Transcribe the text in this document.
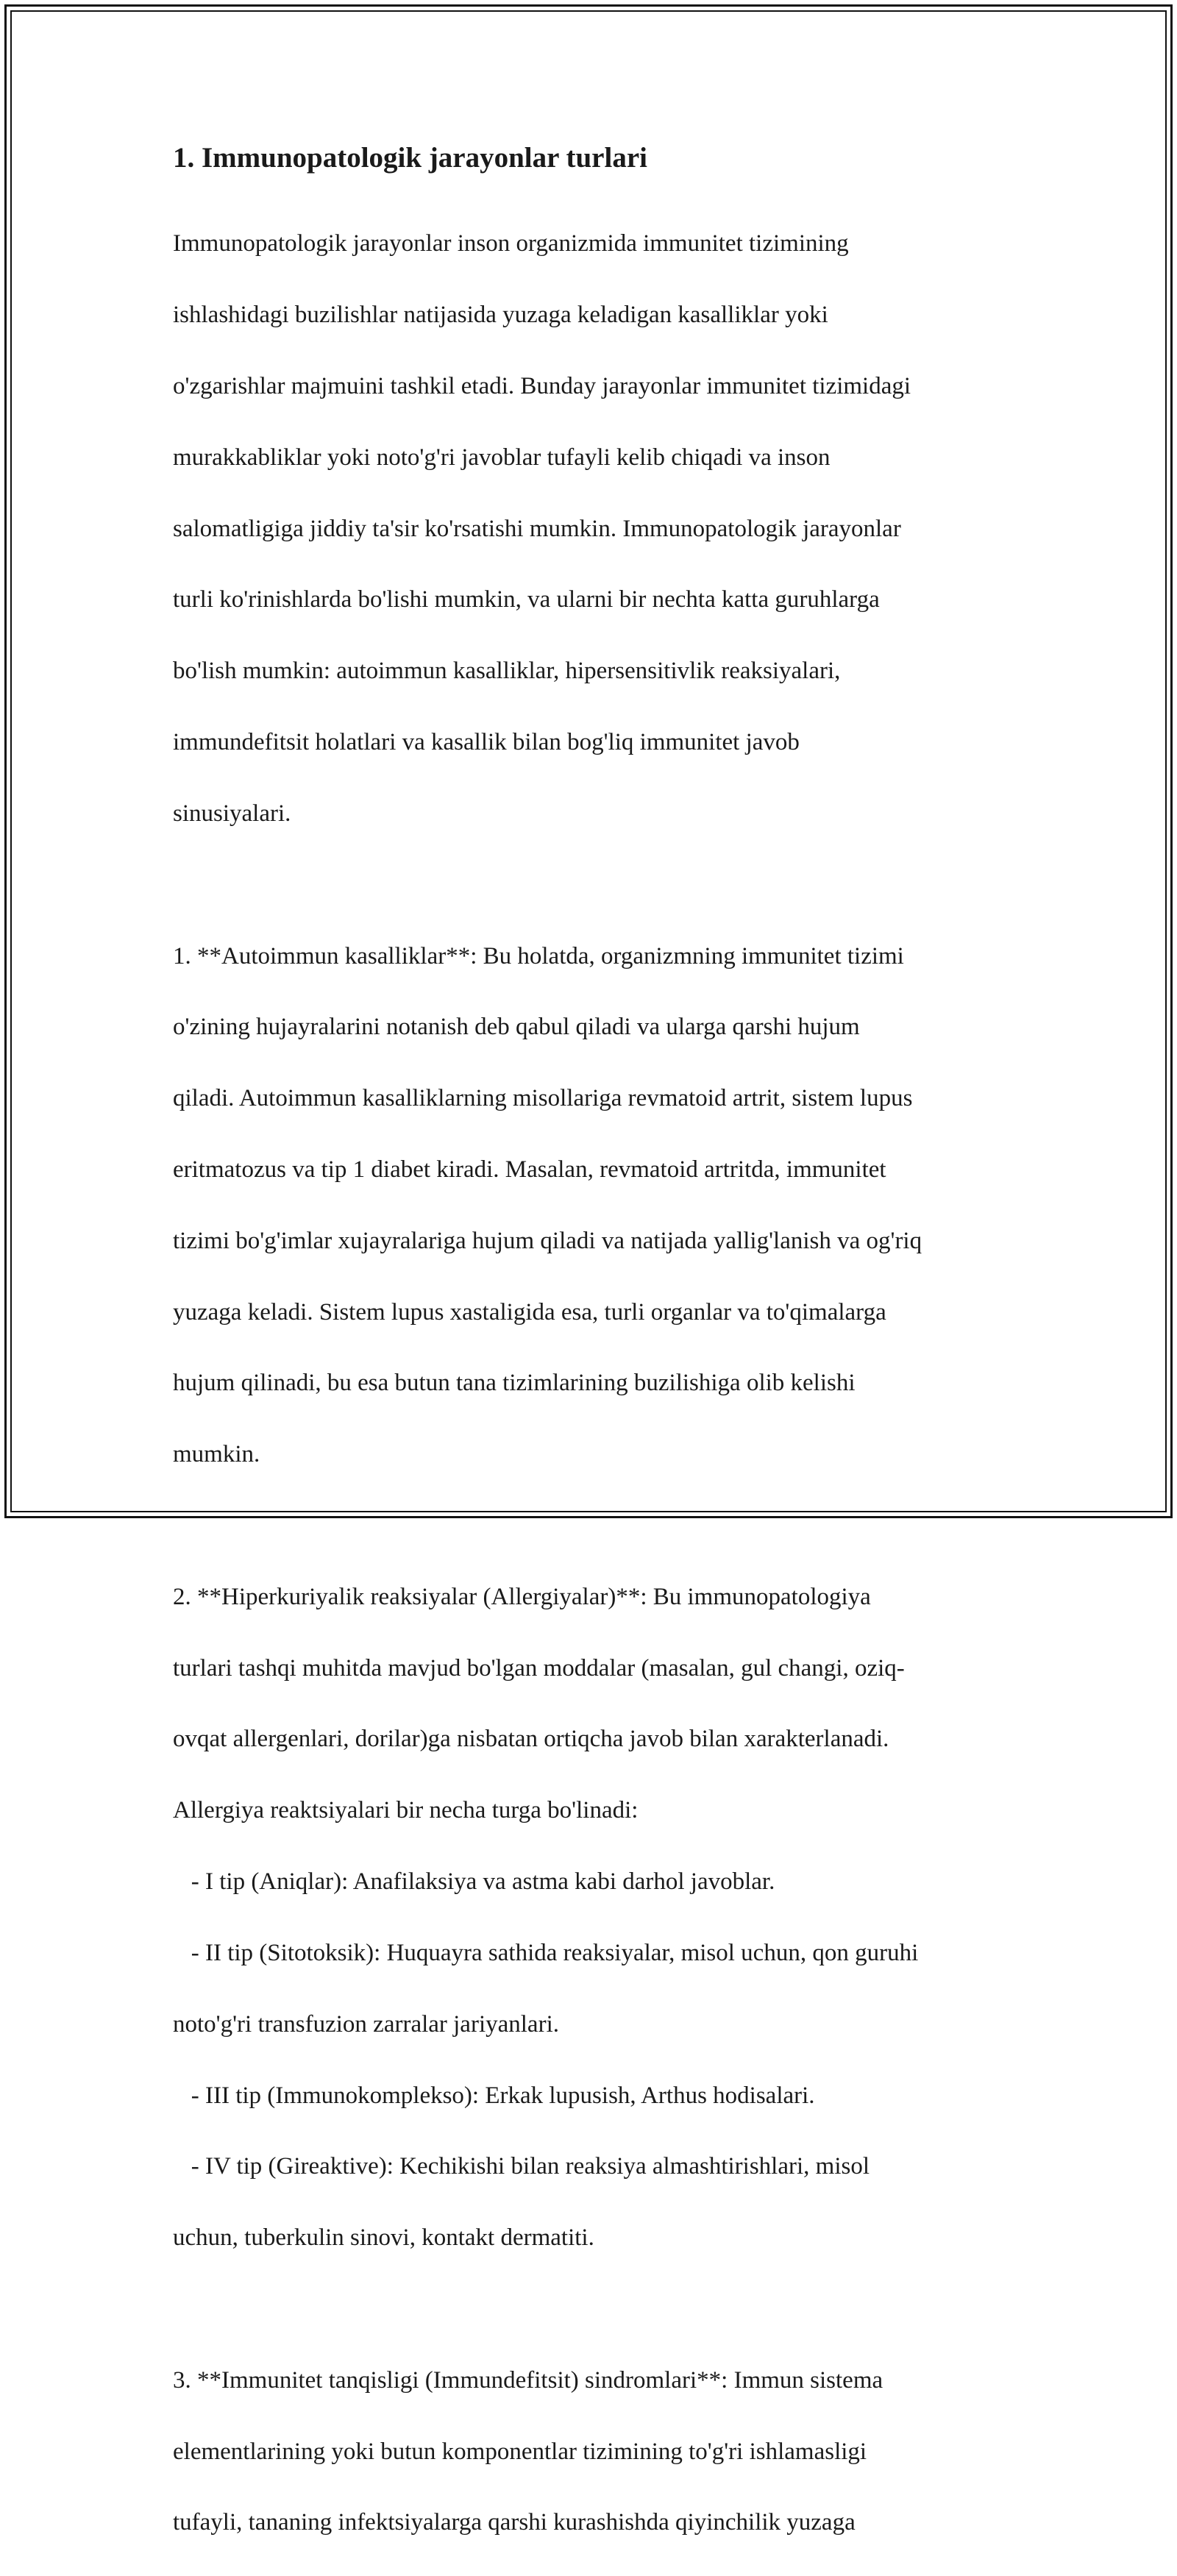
1. Immunopatologik jarayonlar turlari

Immunopatologik jarayonlar inson organizmida immunitet tizimining

ishlashidagi buzilishlar natijasida yuzaga keladigan kasalliklar yoki

o'zgarishlar majmuini tashkil etadi. Bunday jarayonlar immunitet tizimidagi

murakkabliklar yoki noto'g'ri javoblar tufayli kelib chiqadi va inson

salomatligiga jiddiy ta'sir ko'rsatishi mumkin. Immunopatologik jarayonlar

turli ko'rinishlarda bo'lishi mumkin, va ularni bir nechta katta guruhlarga

bo'lish mumkin: autoimmun kasalliklar, hipersensitivlik reaksiyalari,

immundefitsit holatlari va kasallik bilan bog'liq immunitet javob

sinusiyalari.

1. **Autoimmun kasalliklar**: Bu holatda, organizmning immunitet tizimi

o'zining hujayralarini notanish deb qabul qiladi va ularga qarshi hujum

qiladi. Autoimmun kasalliklarning misollariga revmatoid artrit, sistem lupus

eritmatozus va tip 1 diabet kiradi. Masalan, revmatoid artritda, immunitet

tizimi bo'g'imlar xujayralariga hujum qiladi va natijada yallig'lanish va og'riq

yuzaga keladi. Sistem lupus xastaligida esa, turli organlar va to'qimalarga

hujum qilinadi, bu esa butun tana tizimlarining buzilishiga olib kelishi

mumkin.

2. **Hiperkuriyalik reaksiyalar (Allergiyalar)**: Bu immunopatologiya

turlari tashqi muhitda mavjud bo'lgan moddalar (masalan, gul changi, oziq-

ovqat allergenlari, dorilar)ga nisbatan ortiqcha javob bilan xarakterlanadi.

Allergiya reaktsiyalari bir necha turga bo'linadi:

- I tip (Aniqlar): Anafilaksiya va astma kabi darhol javoblar.

- II tip (Sitotoksik): Huquayra sathida reaksiyalar, misol uchun, qon guruhi

noto'g'ri transfuzion zarralar jariyanlari.

- III tip (Immunokomplekso): Erkak lupusish, Arthus hodisalari.

- IV tip (Gireaktive): Kechikishi bilan reaksiya almashtirishlari, misol

uchun, tuberkulin sinovi, kontakt dermatiti.

3. **Immunitet tanqisligi (Immundefitsit) sindromlari**: Immun sistema

elementlarining yoki butun komponentlar tizimining to'g'ri ishlamasligi

tufayli, tananing infektsiyalarga qarshi kurashishda qiyinchilik yuzaga
